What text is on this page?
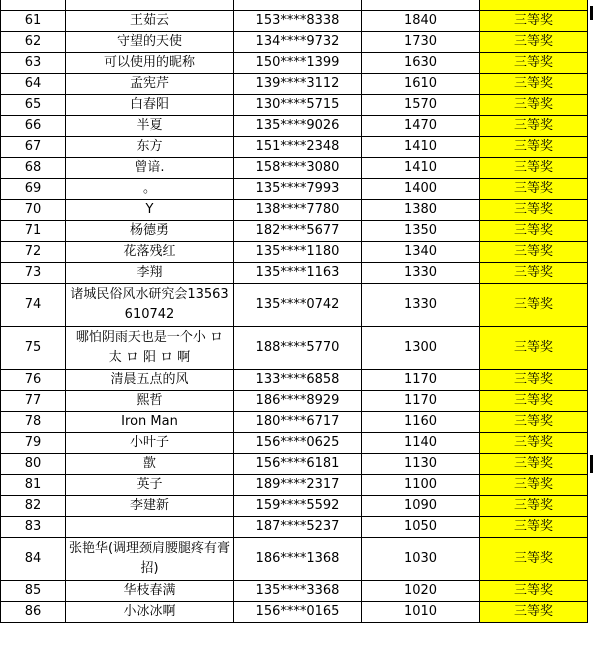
61	王茹云	153****8338	1840	三等奖
62	守望的天使	134****9732	1730	三等奖
63	可以使用的昵称	150****1399	1630	三等奖
64	孟宪芹	139****3112	1610	三等奖
65	白春阳	130****5715	1570	三等奖
66	半夏	135****9026	1470	三等奖
67	东方	151****2348	1410	三等奖
68	曾谙.	158****3080	1410	三等奖
69	。	135****7993	1400	三等奖
70	Y	138****7780	1380	三等奖
71	杨德勇	182****5677	1350	三等奖
72	花落残红	135****1180	1340	三等奖
73	李翔	135****1163	1330	三等奖
74	诸城民俗风水研究会13563610742	135****0742	1330	三等奖
75	哪怕阴雨天也是一个小 ロ 太 ロ 阳 ロ 啊	188****5770	1300	三等奖
76	清晨五点的风	133****6858	1170	三等奖
77	熙哲	186****8929	1170	三等奖
78	Iron Man	180****6717	1160	三等奖
79	小叶子	156****0625	1140	三等奖
80	歖	156****6181	1130	三等奖
81	英子	189****2317	1100	三等奖
82	李建新	159****5592	1090	三等奖
83		187****5237	1050	三等奖
84	张艳华(调理颈肩腰腿疼有膏招)	186****1368	1030	三等奖
85	华枝春满	135****3368	1020	三等奖
86	小冰冰啊	156****0165	1010	三等奖
